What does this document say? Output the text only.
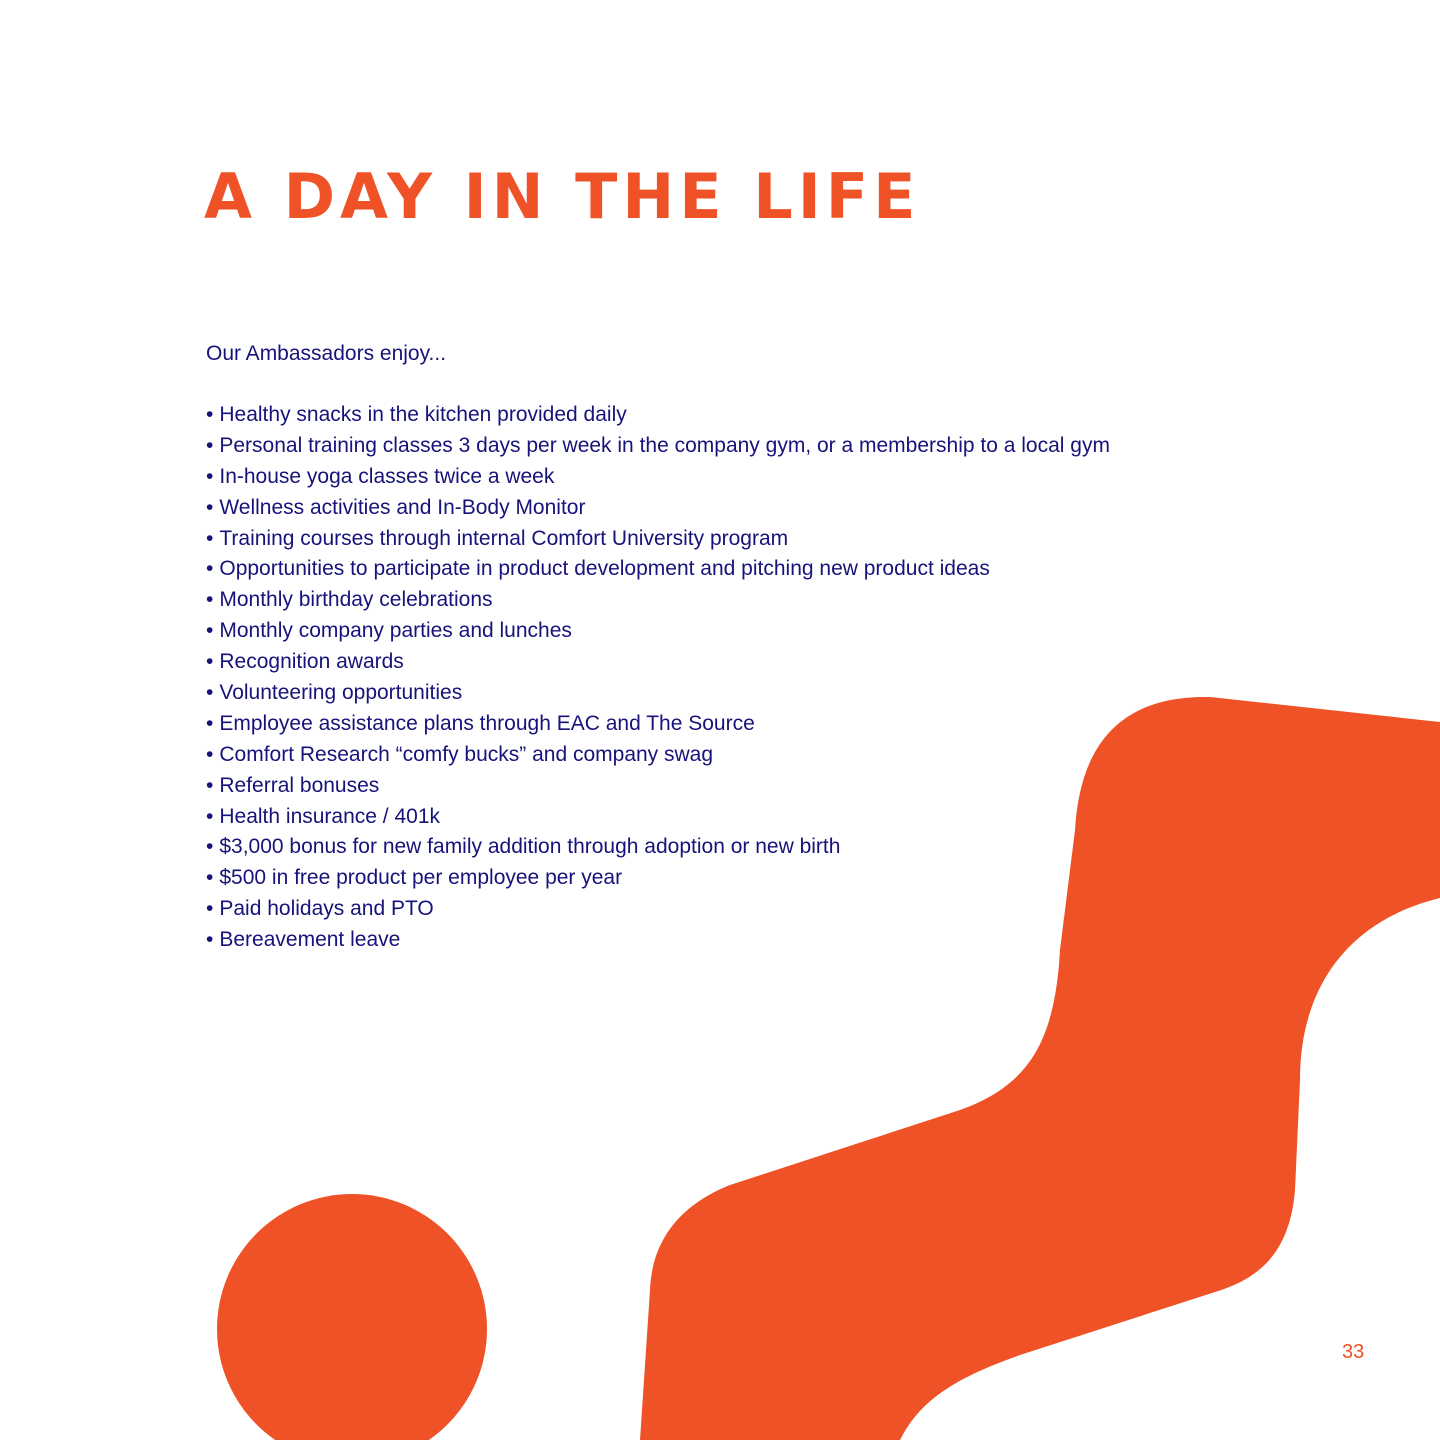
A DAY IN THE LIFE

Our Ambassadors enjoy...

• Healthy snacks in the kitchen provided daily
• Personal training classes 3 days per week in the company gym, or a membership to a local gym
• In-house yoga classes twice a week
• Wellness activities and In-Body Monitor
• Training courses through internal Comfort University program
• Opportunities to participate in product development and pitching new product ideas
• Monthly birthday celebrations
• Monthly company parties and lunches
• Recognition awards
• Volunteering opportunities
• Employee assistance plans through EAC and The Source
• Comfort Research “comfy bucks” and company swag
• Referral bonuses
• Health insurance / 401k
• $3,000 bonus for new family addition through adoption or new birth
• $500 in free product per employee per year
• Paid holidays and PTO
• Bereavement leave
33
